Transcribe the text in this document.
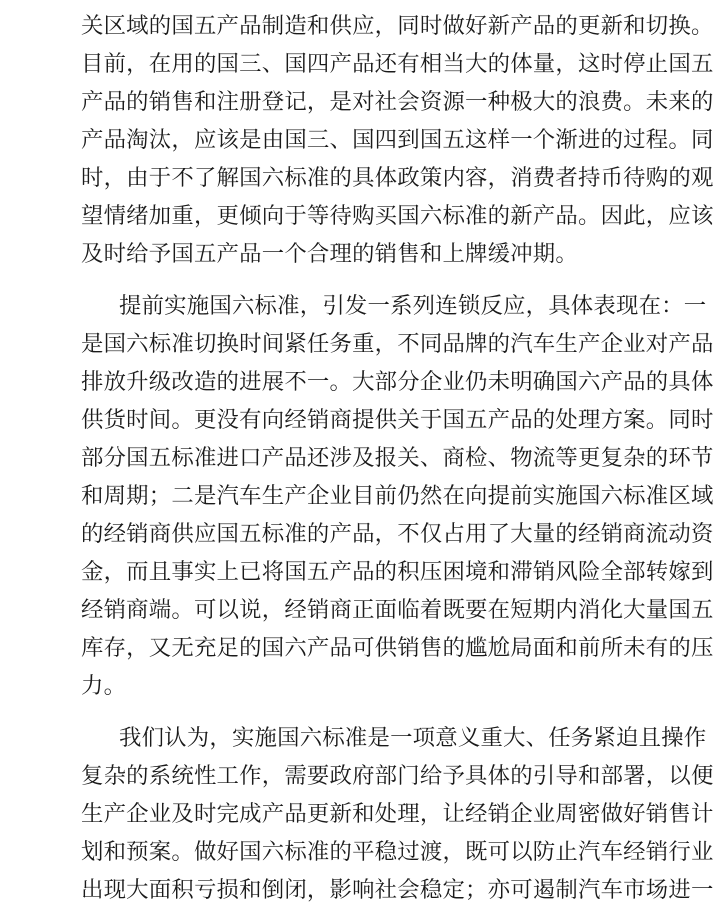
关区域的国五产品制造和供应，同时做好新产品的更新和切换。
目前，在用的国三、国四产品还有相当大的体量，这时停止国五
产品的销售和注册登记，是对社会资源一种极大的浪费。未来的
产品淘汰，应该是由国三、国四到国五这样一个渐进的过程。同
时，由于不了解国六标准的具体政策内容，消费者持币待购的观
望情绪加重，更倾向于等待购买国六标准的新产品。因此，应该
及时给予国五产品一个合理的销售和上牌缓冲期。
提前实施国六标准，引发一系列连锁反应，具体表现在：一
是国六标准切换时间紧任务重，不同品牌的汽车生产企业对产品
排放升级改造的进展不一。大部分企业仍未明确国六产品的具体
供货时间。更没有向经销商提供关于国五产品的处理方案。同时
部分国五标准进口产品还涉及报关、商检、物流等更复杂的环节
和周期；二是汽车生产企业目前仍然在向提前实施国六标准区域
的经销商供应国五标准的产品，不仅占用了大量的经销商流动资
金，而且事实上已将国五产品的积压困境和滞销风险全部转嫁到
经销商端。可以说，经销商正面临着既要在短期内消化大量国五
库存，又无充足的国六产品可供销售的尴尬局面和前所未有的压
力。
我们认为，实施国六标准是一项意义重大、任务紧迫且操作
复杂的系统性工作，需要政府部门给予具体的引导和部署，以便
生产企业及时完成产品更新和处理，让经销企业周密做好销售计
划和预案。做好国六标准的平稳过渡，既可以防止汽车经销行业
出现大面积亏损和倒闭，影响社会稳定；亦可遏制汽车市场进一
